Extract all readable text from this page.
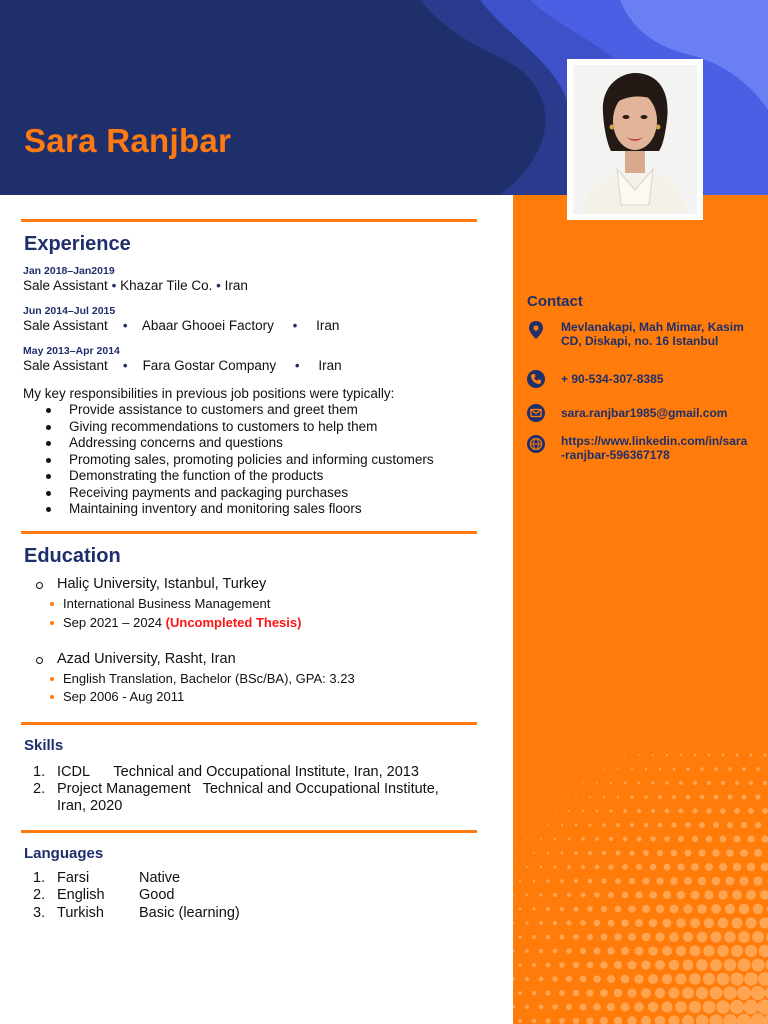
Sara Ranjbar
Contact
Mevlanakapi, Mah Mimar, Kasim CD, Diskapi, no. 16 Istanbul
+ 90-534-307-8385
sara.ranjbar1985@gmail.com
https://www.linkedin.com/in/sara-ranjbar-596367178
Experience
Jan 2018–Jan2019
Sale Assistant • Khazar Tile Co. • Iran
Jun 2014–Jul 2015
Sale Assistant • Abaar Ghooei Factory • Iran
May 2013–Apr 2014
Sale Assistant • Fara Gostar Company • Iran
My key responsibilities in previous job positions were typically:
Provide assistance to customers and greet them
Giving recommendations to customers to help them
Addressing concerns and questions
Promoting sales, promoting policies and informing customers
Demonstrating the function of the products
Receiving payments and packaging purchases
Maintaining inventory and monitoring sales floors
Education
Haliç University, Istanbul, Turkey
International Business Management
Sep 2021 – 2024 (Uncompleted Thesis)
Azad University, Rasht, Iran
English Translation, Bachelor (BSc/BA), GPA: 3.23
Sep 2006 - Aug 2011
Skills
1. ICDL      Technical and Occupational Institute, Iran, 2013
2. Project Management   Technical and Occupational Institute,
Iran, 2020
Languages
1. Farsi	Native
2. English Good
3. Turkish Basic (learning)
